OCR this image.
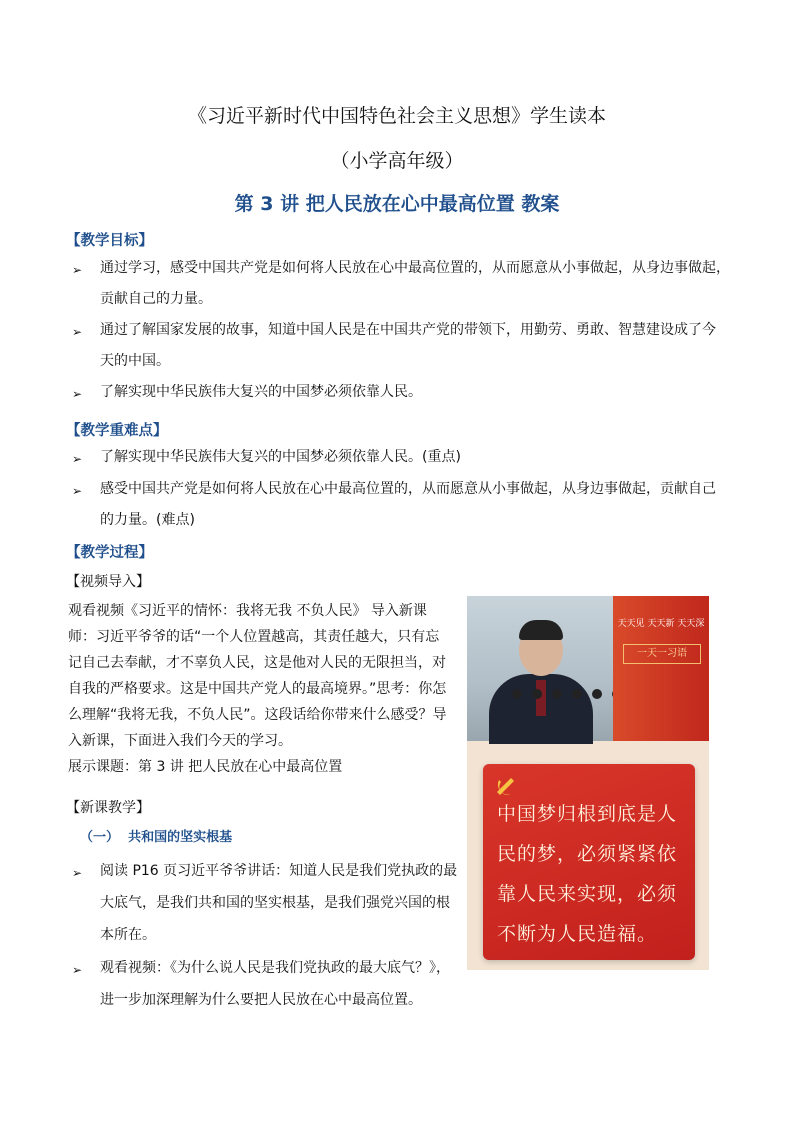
《习近平新时代中国特色社会主义思想》学生读本
（小学高年级）
第 3 讲 把人民放在心中最高位置 教案
【教学目标】
➢ 通过学习，感受中国共产党是如何将人民放在心中最高位置的，从而愿意从小事做起，从身边事做起，
贡献自己的力量。
➢ 通过了解国家发展的故事，知道中国人民是在中国共产党的带领下，用勤劳、勇敢、智慧建设成了今
天的中国。
➢ 了解实现中华民族伟大复兴的中国梦必须依靠人民。
【教学重难点】
➢ 了解实现中华民族伟大复兴的中国梦必须依靠人民。(重点)
➢ 感受中国共产党是如何将人民放在心中最高位置的，从而愿意从小事做起，从身边事做起，贡献自己
的力量。(难点)
【教学过程】
【视频导入】
观看视频《习近平的情怀：我将无我 不负人民》 导入新课
师：习近平爷爷的话“一个人位置越高，其责任越大，只有忘
记自己去奉献，才不辜负人民，这是他对人民的无限担当，对
自我的严格要求。这是中国共产党人的最高境界。”思考：你怎
么理解“我将无我，不负人民”。这段话给你带来什么感受？导
入新课，下面进入我们今天的学习。
展示课题：第 3 讲 把人民放在心中最高位置
【新课教学】
（一） 共和国的坚实根基
➢ 阅读 P16 页习近平爷爷讲话：知道人民是我们党执政的最
大底气，是我们共和国的坚实根基，是我们强党兴国的根
本所在。
➢ 观看视频：《为什么说人民是我们党执政的最大底气？》，
进一步加深理解为什么要把人民放在心中最高位置。
天天见 天天新 天天深
一天一习语
中国梦归根到底是人
民的梦，必须紧紧依
靠人民来实现，必须
不断为人民造福。
